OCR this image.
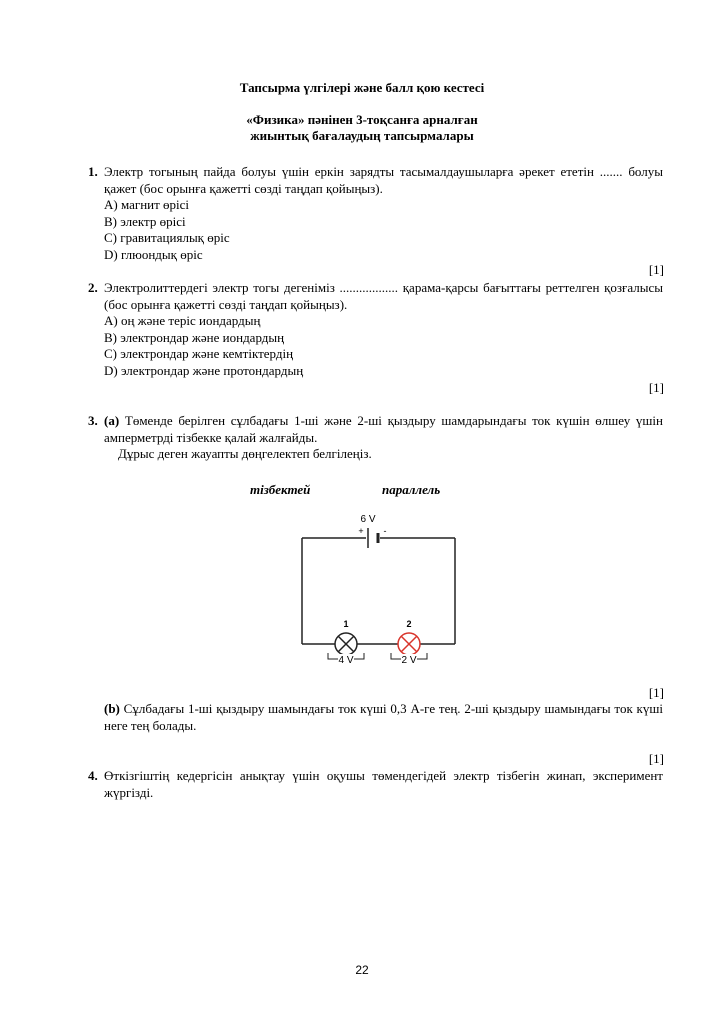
Тапсырма үлгілері және балл қою кестесі
«Физика» пәнінен 3-тоқсанға арналған
жиынтық бағалаудың тапсырмалары
1. Электр тогының пайда болуы үшін еркін зарядты тасымалдаушыларға әрекет ететін ....... болуы қажет (бос орынға қажетті сөзді таңдап қойыңыз).
A) магнит өрісі
B) электр өрісі
C) гравитациялық өріс
D) глюондық өріс
[1]
2. Электролиттердегі электр тогы дегеніміз .................. қарама-қарсы бағыттағы реттелген қозғалысы (бос орынға қажетті сөзді таңдап қойыңыз).
A) оң және теріс иондардың
B) электрондар және иондардың
C) электрондар және кемтіктердің
D) электрондар және протондардың
[1]
3. (a) Төменде берілген сұлбадағы 1-ші және 2-ші қыздыру шамдарындағы ток күшін өлшеу үшін амперметрді тізбекке қалай жалғайды.
Дұрыс деген жауапты дөңгелектеп белгілеңіз.
тізбектей	параллель
6 V
+ -
1	2
4 V	2 V
[1]
(b) Сұлбадағы 1-ші қыздыру шамындағы ток күші 0,3 А-ге тең. 2-ші қыздыру шамындағы ток күші неге тең болады.
[1]
4. Өткізгіштің кедергісін анықтау үшін оқушы төмендегідей электр тізбегін жинап, эксперимент жүргізді.
22
